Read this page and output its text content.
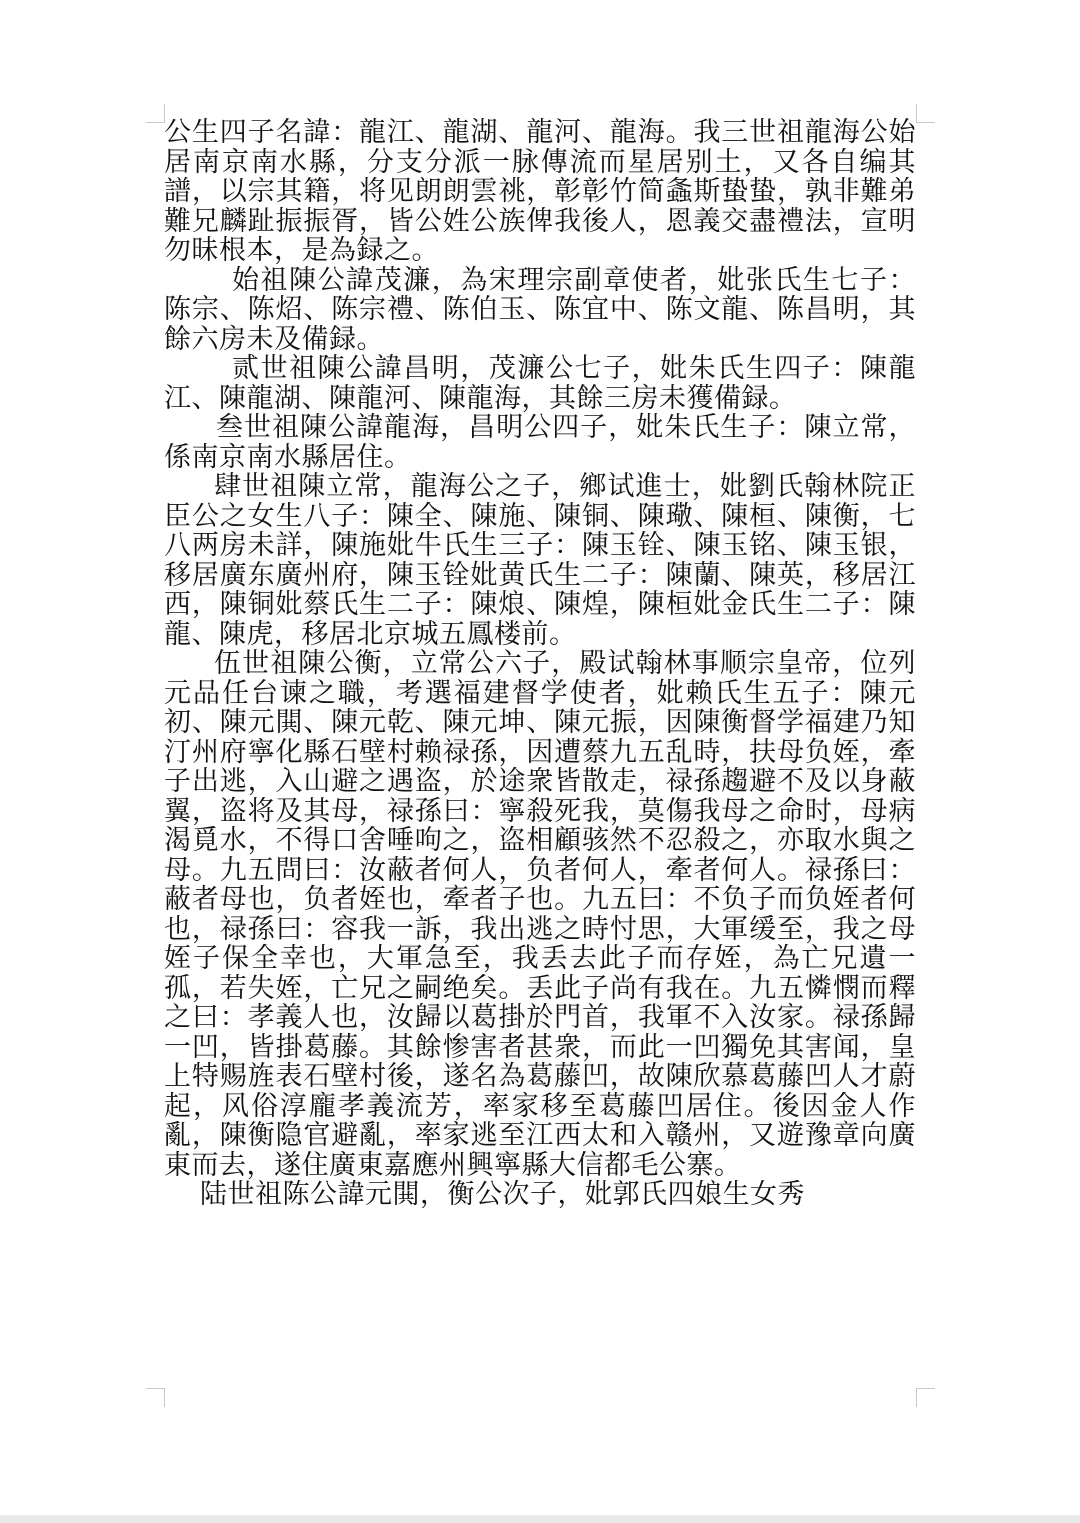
公生四子名諱：龍江、龍湖、龍河、龍海。我三世祖龍海公始居南京南水縣，分支分派一脉傳流而星居别土，又各自编其譜，以宗其籍，将见朗朗雲祧，彰彰竹简螽斯蛰蛰，孰非難弟難兄麟趾振振胥，皆公姓公族俾我後人，恩義交盡禮法，宣明勿昧根本，是為録之。

始祖陳公諱茂濂，為宋理宗副章使者，妣张氏生七子：陈宗、陈炤、陈宗禮、陈伯玉、陈宜中、陈文龍、陈昌明，其餘六房未及備録。

贰世祖陳公諱昌明，茂濂公七子，妣朱氏生四子：陳龍江、陳龍湖、陳龍河、陳龍海，其餘三房未獲備録。

叁世祖陳公諱龍海，昌明公四子，妣朱氏生子：陳立常，係南京南水縣居住。

肆世祖陳立常，龍海公之子，鄉试進士，妣劉氏翰林院正臣公之女生八子：陳全、陳施、陳铜、陳璥、陳桓、陳衡，七八两房未詳，陳施妣牛氏生三子：陳玉铨、陳玉铭、陳玉银，移居廣东廣州府，陳玉铨妣黄氏生二子：陳蘭、陳英，移居江西，陳铜妣蔡氏生二子：陳烺、陳煌，陳桓妣金氏生二子：陳龍、陳虎，移居北京城五鳳楼前。

伍世祖陳公衡，立常公六子，殿试翰林事顺宗皇帝，位列元品任台谏之職，考選福建督学使者，妣赖氏生五子：陳元初、陳元閧、陳元乾、陳元坤、陳元振，因陳衡督学福建乃知汀州府寧化縣石壁村赖禄孫，因遭蔡九五乱時，扶母负姪，牽子出逃，入山避之遇盗，於途衆皆散走，禄孫趨避不及以身蔽翼，盗将及其母，禄孫曰：寧殺死我，莫傷我母之命时，母病渴覓水，不得口舍唾呴之，盗相顧骇然不忍殺之，亦取水與之母。九五問曰：汝蔽者何人，负者何人，牽者何人。禄孫曰：蔽者母也，负者姪也，牽者子也。九五曰：不负子而负姪者何也，禄孫曰：容我一訴，我出逃之時忖思，大軍缓至，我之母姪子保全幸也，大軍急至，我丢去此子而存姪，為亡兄遺一孤，若失姪，亡兄之嗣绝矣。丢此子尚有我在。九五憐憫而釋之曰：孝義人也，汝歸以葛掛於門首，我軍不入汝家。禄孫歸一凹，皆掛葛藤。其餘惨害者甚衆，而此一凹獨免其害闻，皇上特赐旌表石壁村後，遂名為葛藤凹，故陳欣慕葛藤凹人才蔚起，风俗淳龐孝義流芳，率家移至葛藤凹居住。後因金人作亂，陳衡隐官避亂，率家逃至江西太和入赣州，又遊豫章向廣東而去，遂住廣東嘉應州興寧縣大信都毛公寨。

陆世祖陈公諱元閧，衡公次子，妣郭氏四娘生女秀
